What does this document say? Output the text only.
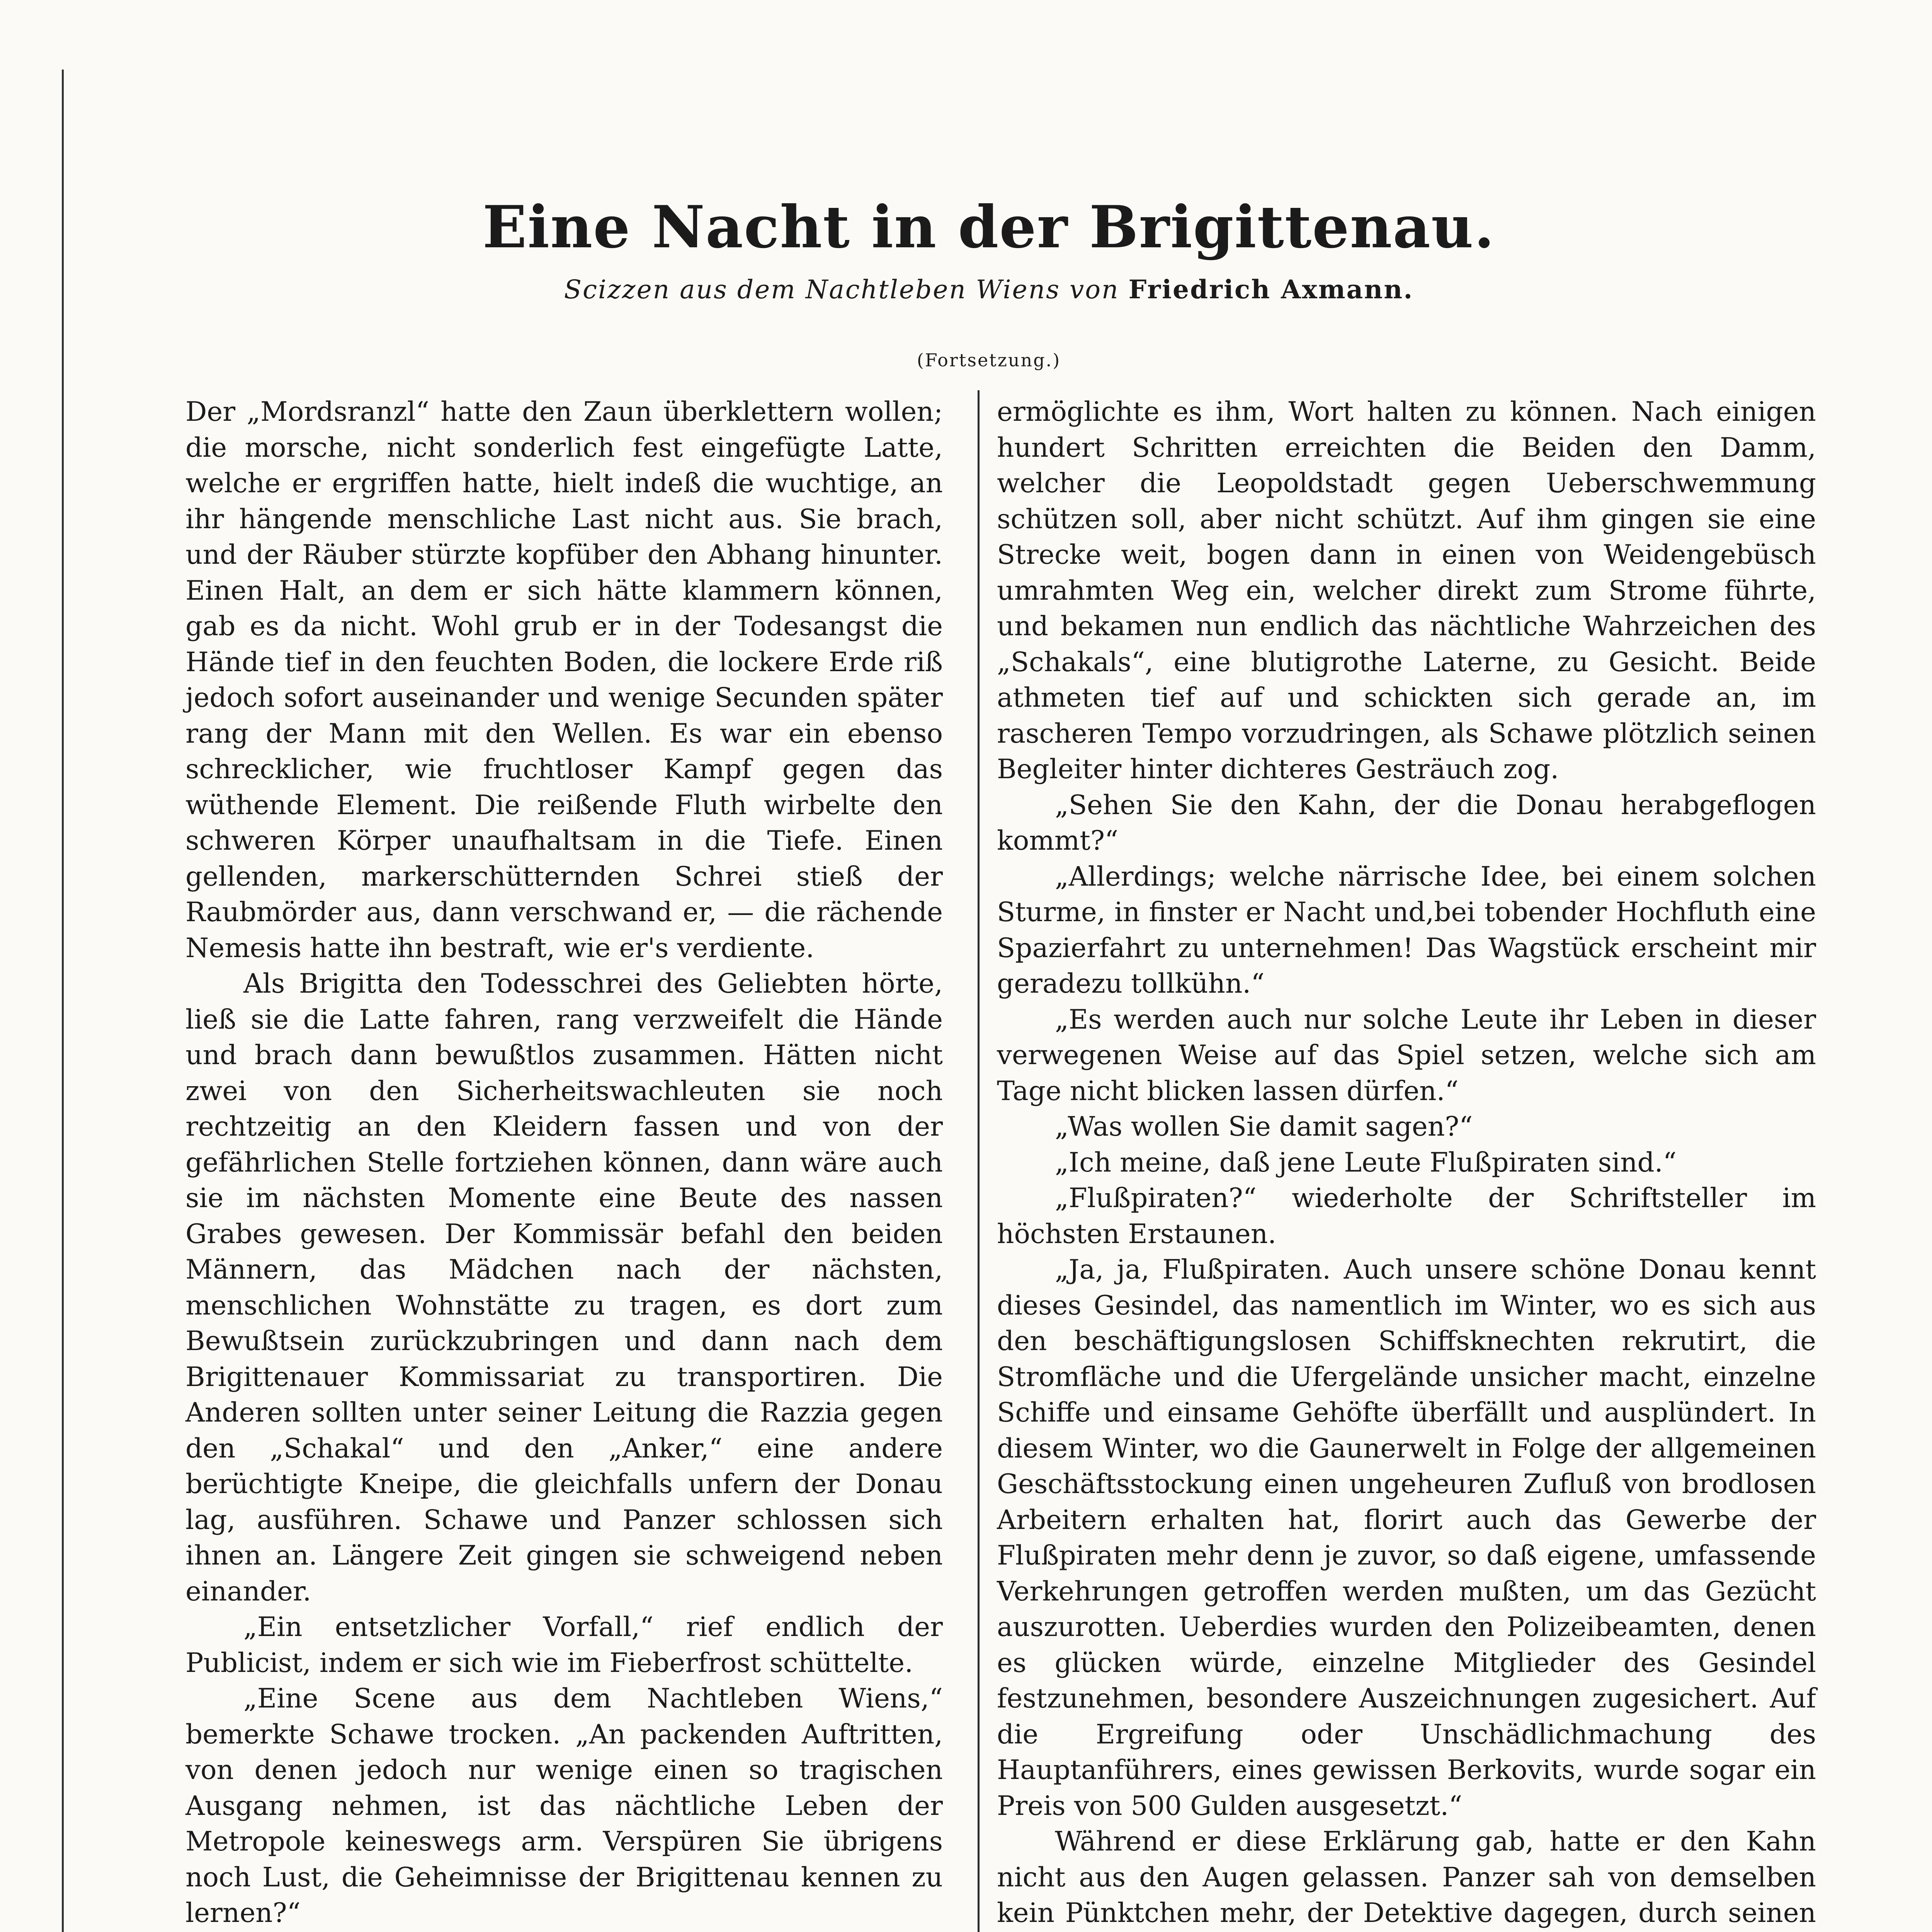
Eine Nacht in der Brigittenau.
Scizzen aus dem Nachtleben Wiens von Friedrich Axmann.
(Fortsetzung.)

Der „Mordsranzl“ hatte den Zaun überklettern wollen; die morsche, nicht sonderlich fest eingefügte Latte, welche er ergriffen hatte, hielt indeß die wuchtige, an ihr hängende menschliche Last nicht aus. Sie brach, und der Räuber stürzte kopfüber den Abhang hinunter. Einen Halt, an dem er sich hätte klammern können, gab es da nicht. Wohl grub er in der Todesangst die Hände tief in den feuchten Boden, die lockere Erde riß jedoch sofort auseinander und wenige Secunden später rang der Mann mit den Wellen. Es war ein ebenso schrecklicher, wie fruchtloser Kampf gegen das wüthende Element. Die reißende Fluth wirbelte den schweren Körper unaufhaltsam in die Tiefe. Einen gellenden, markerschütternden Schrei stieß der Raubmörder aus, dann verschwand er, — die rächende Nemesis hatte ihn bestraft, wie er's verdiente.

Als Brigitta den Todesschrei des Geliebten hörte, ließ sie die Latte fahren, rang verzweifelt die Hände und brach dann bewußtlos zusammen. Hätten nicht zwei von den Sicherheitswachleuten sie noch rechtzeitig an den Kleidern fassen und von der gefährlichen Stelle fortziehen können, dann wäre auch sie im nächsten Momente eine Beute des nassen Grabes gewesen. Der Kommissär befahl den beiden Männern, das Mädchen nach der nächsten, menschlichen Wohnstätte zu tragen, es dort zum Bewußtsein zurückzubringen und dann nach dem Brigittenauer Kommissariat zu transportiren. Die Anderen sollten unter seiner Leitung die Razzia gegen den „Schakal“ und den „Anker,“ eine andere berüchtigte Kneipe, die gleichfalls unfern der Donau lag, ausführen. Schawe und Panzer schlossen sich ihnen an. Längere Zeit gingen sie schweigend neben einander.

„Ein entsetzlicher Vorfall,“ rief endlich der Publicist, indem er sich wie im Fieberfrost schüttelte.

„Eine Scene aus dem Nachtleben Wiens,“ bemerkte Schawe trocken. „An packenden Auftritten, von denen jedoch nur wenige einen so tragischen Ausgang nehmen, ist das nächtliche Leben der Metropole keineswegs arm. Verspüren Sie übrigens noch Lust, die Geheimnisse der Brigittenau kennen zu lernen?“

ermöglichte es ihm, Wort halten zu können. Nach einigen hundert Schritten erreichten die Beiden den Damm, welcher die Leopoldstadt gegen Ueberschwemmung schützen soll, aber nicht schützt. Auf ihm gingen sie eine Strecke weit, bogen dann in einen von Weidengebüsch umrahmten Weg ein, welcher direkt zum Strome führte, und bekamen nun endlich das nächtliche Wahrzeichen des „Schakals“, eine blutigrothe Laterne, zu Gesicht. Beide athmeten tief auf und schickten sich gerade an, im rascheren Tempo vorzudringen, als Schawe plötzlich seinen Begleiter hinter dichteres Gesträuch zog.

„Sehen Sie den Kahn, der die Donau herabgeflogen kommt?“

„Allerdings; welche närrische Idee, bei einem solchen Sturme, in finster er Nacht und,bei tobender Hochfluth eine Spazierfahrt zu unternehmen! Das Wagstück erscheint mir geradezu tollkühn.“

„Es werden auch nur solche Leute ihr Leben in dieser verwegenen Weise auf das Spiel setzen, welche sich am Tage nicht blicken lassen dürfen.“

„Was wollen Sie damit sagen?“

„Ich meine, daß jene Leute Flußpiraten sind.“

„Flußpiraten?“ wiederholte der Schriftsteller im höchsten Erstaunen.

„Ja, ja, Flußpiraten. Auch unsere schöne Donau kennt dieses Gesindel, das namentlich im Winter, wo es sich aus den beschäftigungslosen Schiffsknechten rekrutirt, die Stromfläche und die Ufergelände unsicher macht, einzelne Schiffe und einsame Gehöfte überfällt und ausplündert. In diesem Winter, wo die Gaunerwelt in Folge der allgemeinen Geschäftsstockung einen ungeheuren Zufluß von brodlosen Arbeitern erhalten hat, florirt auch das Gewerbe der Flußpiraten mehr denn je zuvor, so daß eigene, umfassende Verkehrungen getroffen werden mußten, um das Gezücht auszurotten. Ueberdies wurden den Polizeibeamten, denen es glücken würde, einzelne Mitglieder des Gesindel festzunehmen, besondere Auszeichnungen zugesichert. Auf die Ergreifung oder Unschädlichmachung des Hauptanführers, eines gewissen Berkovits, wurde sogar ein Preis von 500 Gulden ausgesetzt.“

Während er diese Erklärung gab, hatte er den Kahn nicht aus den Augen gelassen. Panzer sah von demselben kein Pünktchen mehr, der Detektive dagegen, durch seinen
